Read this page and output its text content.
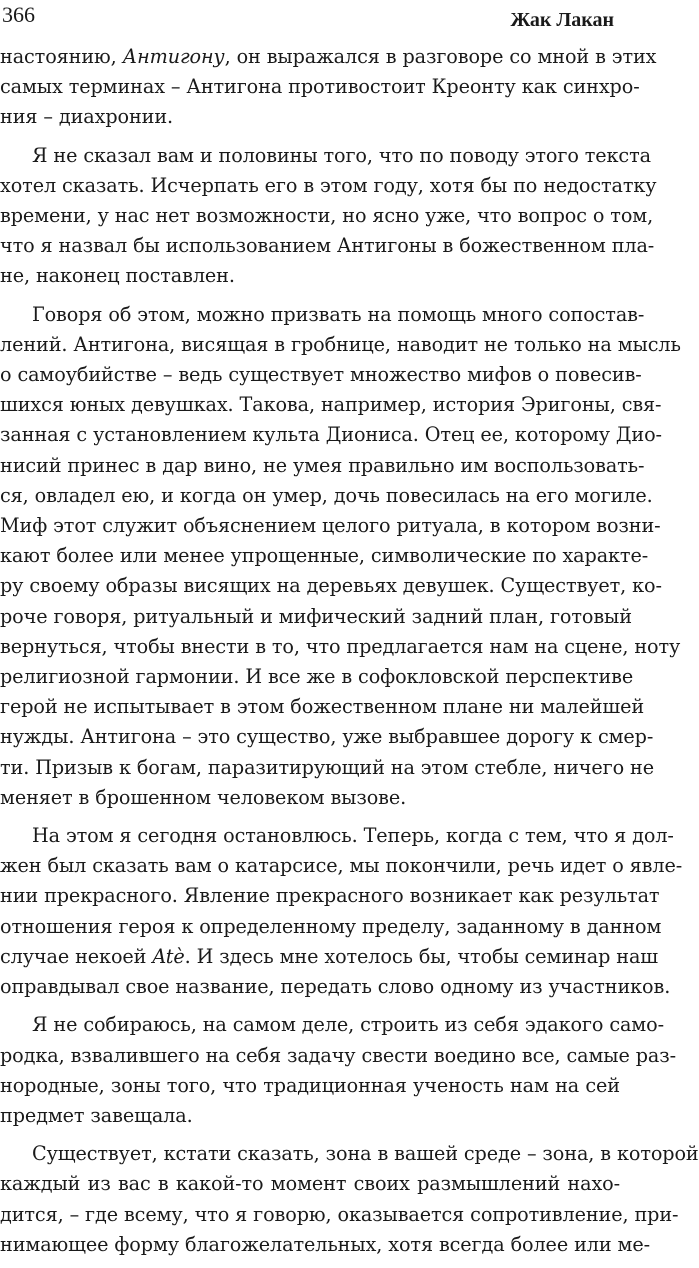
366	Жак Лакан

настоянию, Антигону, он выражался в разговоре со мной в этих
самых терминах – Антигона противостоит Креонту как синхро-
ния – диахронии.

Я не сказал вам и половины того, что по поводу этого текста
хотел сказать. Исчерпать его в этом году, хотя бы по недостатку
времени, у нас нет возможности, но ясно уже, что вопрос о том,
что я назвал бы использованием Антигоны в божественном пла-
не, наконец поставлен.

Говоря об этом, можно призвать на помощь много сопостав-
лений. Антигона, висящая в гробнице, наводит не только на мысль
о самоубийстве – ведь существует множество мифов о повесив-
шихся юных девушках. Такова, например, история Эригоны, свя-
занная с установлением культа Диониса. Отец ее, которому Дио-
нисий принес в дар вино, не умея правильно им воспользовать-
ся, овладел ею, и когда он умер, дочь повесилась на его могиле.
Миф этот служит объяснением целого ритуала, в котором возни-
кают более или менее упрощенные, символические по характе-
ру своему образы висящих на деревьях девушек. Существует, ко-
роче говоря, ритуальный и мифический задний план, готовый
вернуться, чтобы внести в то, что предлагается нам на сцене, ноту
религиозной гармонии. И все же в софокловской перспективе
герой не испытывает в этом божественном плане ни малейшей
нужды. Антигона – это существо, уже выбравшее дорогу к смер-
ти. Призыв к богам, паразитирующий на этом стебле, ничего не
меняет в брошенном человеком вызове.

На этом я сегодня остановлюсь. Теперь, когда с тем, что я дол-
жен был сказать вам о катарсисе, мы покончили, речь идет о явле-
нии прекрасного. Явление прекрасного возникает как результат
отношения героя к определенному пределу, заданному в данном
случае некоей Atè. И здесь мне хотелось бы, чтобы семинар наш
оправдывал свое название, передать слово одному из участников.

Я не собираюсь, на самом деле, строить из себя эдакого само-
родка, взвалившего на себя задачу свести воедино все, самые раз-
нородные, зоны того, что традиционная ученость нам на сей
предмет завещала.

Существует, кстати сказать, зона в вашей среде – зона, в которой
каждый из вас в какой-то момент своих размышлений нахо-
дится, – где всему, что я говорю, оказывается сопротивление, при-
нимающее форму благожелательных, хотя всегда более или ме-
